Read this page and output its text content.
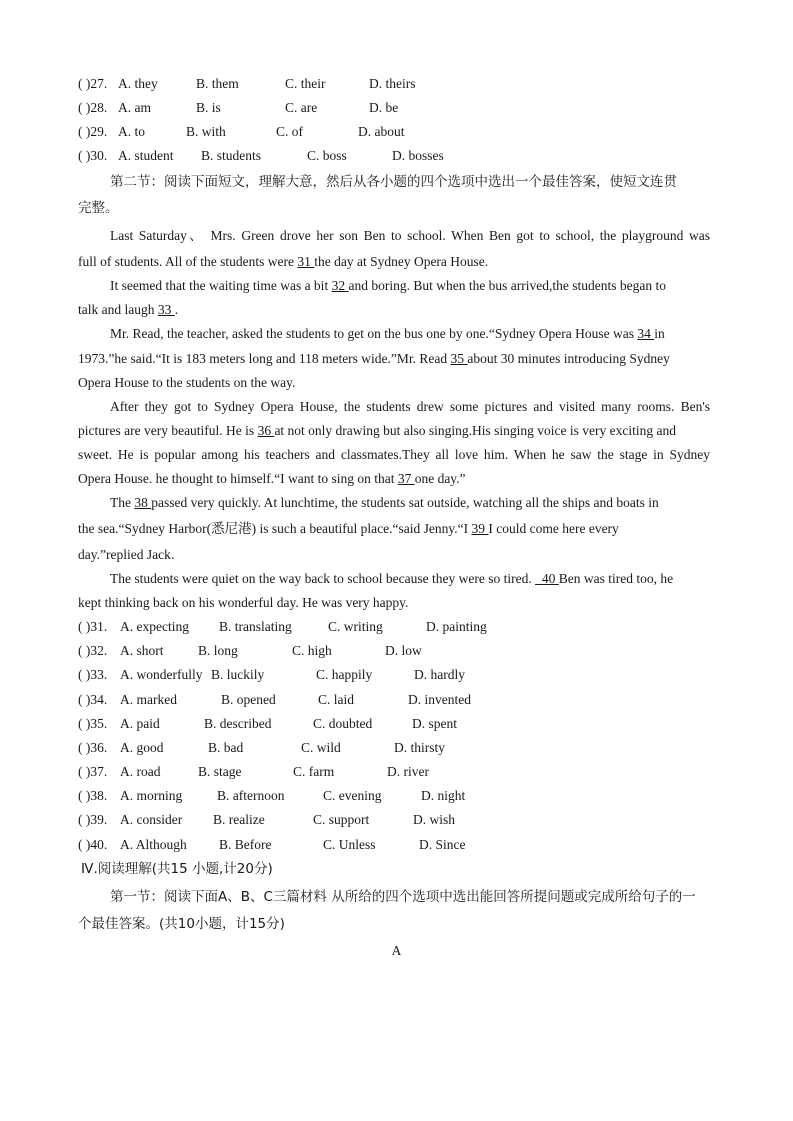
( )27. A. they	B. them	C. their	D. theirs
( )28. A. am	B. is	C. are	D. be
( )29. A. to	B. with	C. of	D. about
( )30. A. student B. students	C. boss	D. bosses
第二节：阅读下面短文，理解大意，然后从各小题的四个选项中选出一个最佳答案，使短文连贯
完整。
Last Saturday、 Mrs. Green drove her son Ben to school. When Ben got to school, the playground was
full of students. All of the students were 31 the day at Sydney Opera House.
It seemed that the waiting time was a bit 32 and boring. But when the bus arrived,the students began to
talk and laugh 33 .
Mr. Read, the teacher, asked the students to get on the bus one by one.“Sydney Opera House was 34 in
1973.”he said.“It is 183 meters long and 118 meters wide.”Mr. Read 35 about 30 minutes introducing Sydney
Opera House to the students on the way.
After they got to Sydney Opera House, the students drew some pictures and visited many rooms. Ben's
pictures are very beautiful. He is 36 at not only drawing but also singing.His singing voice is very exciting and
sweet. He is popular among his teachers and classmates.They all love him. When he saw the stage in Sydney
Opera House. he thought to himself.“I want to sing on that 37 one day.”
The 38 passed very quickly. At lunchtime, the students sat outside, watching all the ships and boats in
the sea.“Sydney Harbor(悉尼港) is such a beautiful place.“said Jenny.“I 39 I could come here every
day.”replied Jack.
The students were quiet on the way back to school because they were so tired. _40 Ben was tired too, he
kept thinking back on his wonderful day. He was very happy.
( )31. A. expecting B. translating	C. writing	D. painting
( )32. A. short	B. long	C. high	D. low
( )33. A. wonderfully B. luckily	C. happily	D. hardly
( )34. A. marked	B. opened	C. laid	D. invented
( )35. A. paid	B. described	C. doubted	D. spent
( )36. A. good	B. bad	C. wild	D. thirsty
( )37. A. road	B. stage	C. farm	D. river
( )38. A. morning	B. afternoon	C. evening	D. night
( )39. A. consider B. realize	C. support	D. wish
( )40. A. Although B. Before	C. Unless	D. Since
Ⅳ.阅读理解(共15 小题,计20分)
第一节：阅读下面A、B、C三篇材料 从所给的四个选项中选出能回答所提问题或完成所给句子的一
个最佳答案。(共10小题，计15分)
A
